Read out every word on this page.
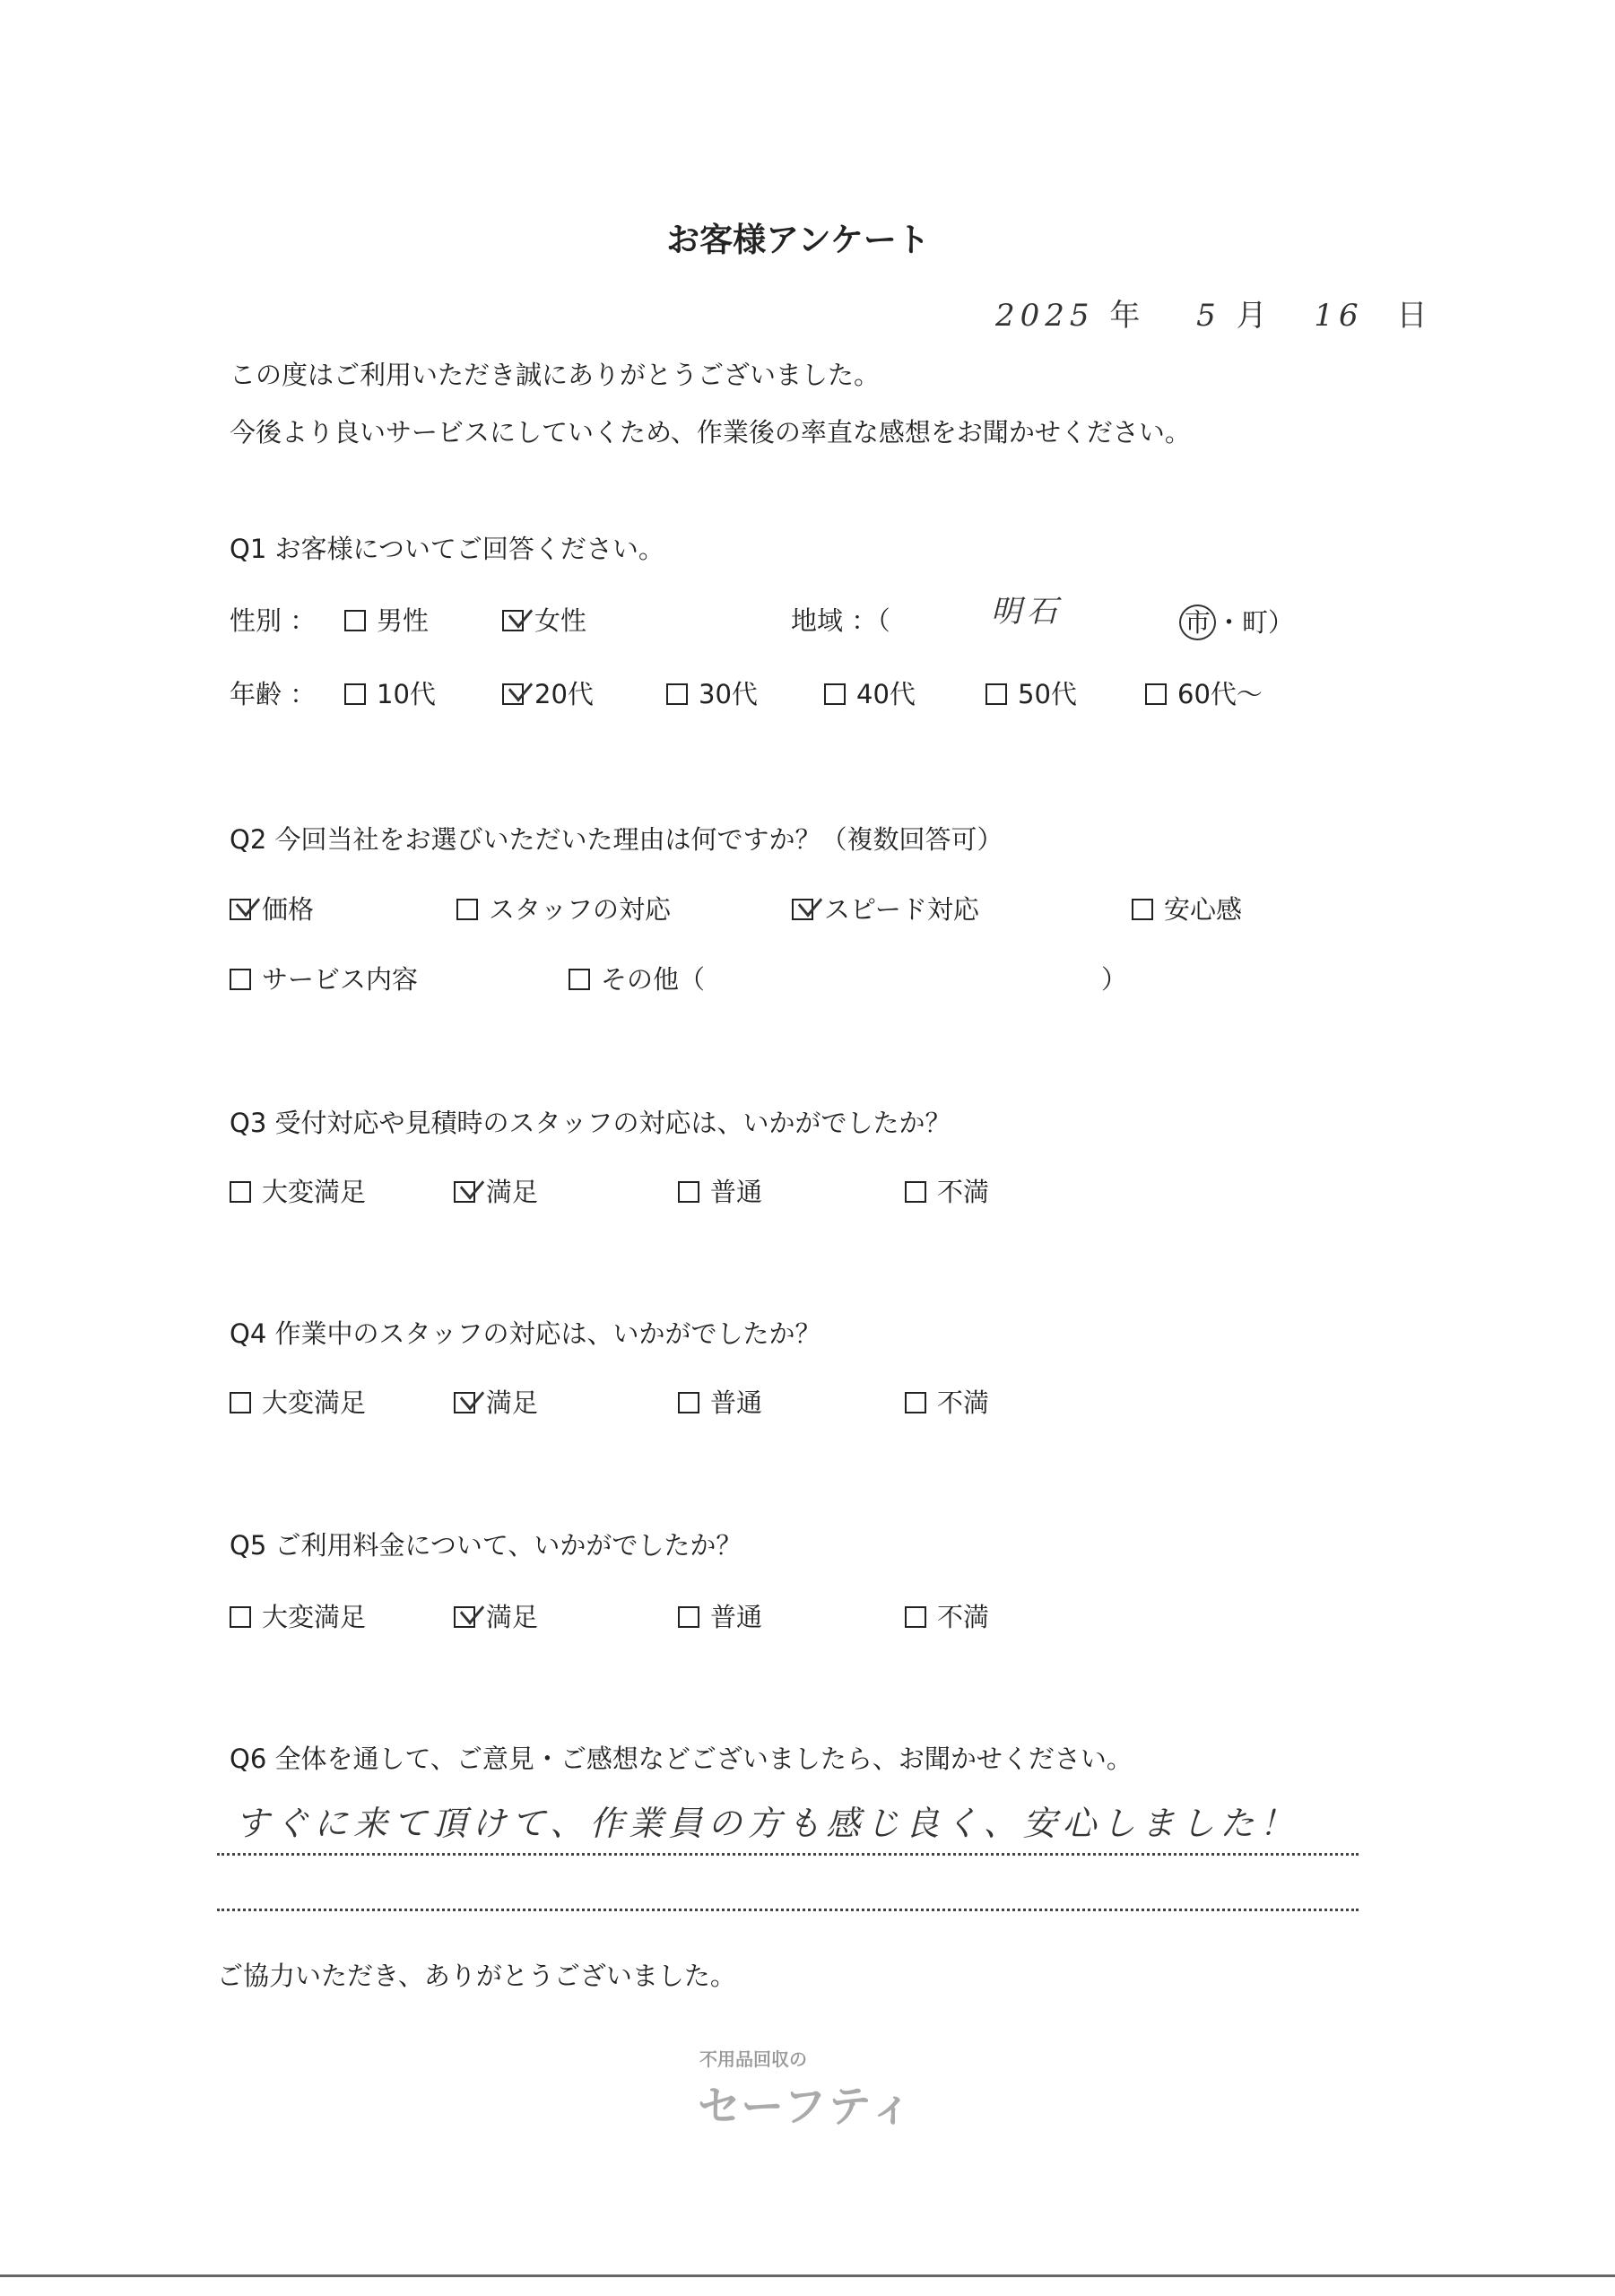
お客様アンケート
2025 年 5 月 16 日
この度はご利用いただき誠にありがとうございました。
今後より良いサービスにしていくため、作業後の率直な感想をお聞かせください。
Q1 お客様についてご回答ください。
性別 ： 男性	女性	地域 ：（	明石	市 ・町）
年齢 ： 10代	20代	30代	40代	50代	60代～
Q2 今回当社をお選びいただいた理由は何ですか？（複数回答可）
価格	スタッフの対応	スピード対応	安心感
サービス内容	その他（	）
Q3 受付対応や見積時のスタッフの対応は、いかがでしたか？
大変満足	満足	普通	不満
Q4 作業中のスタッフの対応は、いかがでしたか？
大変満足	満足	普通	不満
Q5 ご利用料金について、いかがでしたか？
大変満足	満足	普通	不満
Q6 全体を通して、ご意見・ご感想などございましたら、お聞かせください。
すぐに来て頂けて、作業員の方も感じ良く、安心しました！
ご協力いただき、ありがとうございました。
不用品回収の
セーフティ
